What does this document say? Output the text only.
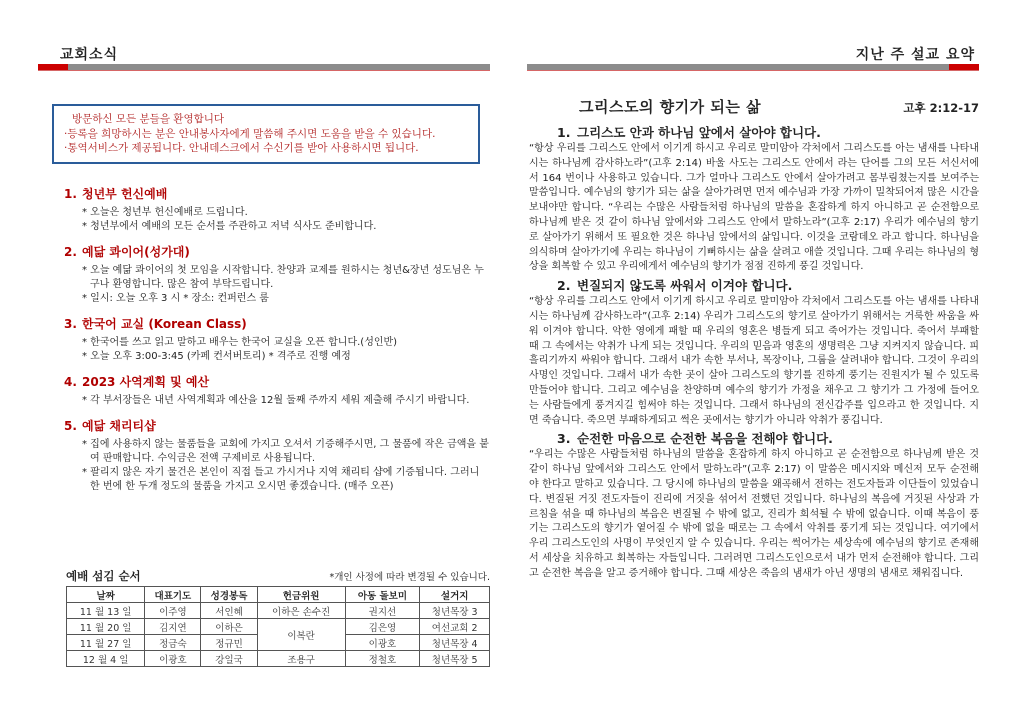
교회소식
방문하신 모든 분들을 환영합니다
·등록을 희망하시는 분은 안내봉사자에게 말씀해 주시면 도움을 받을 수 있습니다.
·통역서비스가 제공됩니다. 안내데스크에서 수신기를 받아 사용하시면 됩니다.
1. 청년부 헌신예배
* 오늘은 청년부 헌신예배로 드립니다.
* 청년부에서 예배의 모든 순서를 주관하고 저녁 식사도 준비합니다.
2. 예닮 콰이어(성가대)
* 오늘 예닮 콰이어의 첫 모임을 시작합니다. 찬양과 교제를 원하시는 청년&장년 성도님은 누구나 환영합니다. 많은 참여 부탁드립니다.
* 일시: 오늘 오후 3 시 * 장소: 컨퍼런스 룸
3. 한국어 교실 (Korean Class)
* 한국어를 쓰고 읽고 말하고 배우는 한국어 교실을 오픈 합니다.(성인반)
* 오늘 오후 3:00-3:45 (카페 컨서버토리) * 격주로 진행 예정
4. 2023 사역계획 및 예산
* 각 부서장들은 내년 사역계획과 예산을 12월 둘째 주까지 세워 제출해 주시기 바랍니다.
5. 예닮 채리티샵
* 집에 사용하지 않는 물품들을 교회에 가지고 오셔서 기증해주시면, 그 물품에 작은 금액을 붙여 판매합니다. 수익금은 전액 구제비로 사용됩니다.
* 팔리지 않은 자기 물건은 본인이 직접 들고 가시거나 지역 채리티 샵에 기증됩니다. 그러니 한 번에 한 두개 정도의 물품을 가지고 오시면 좋겠습니다. (매주 오픈)
예배 섬김 순서	*개인 사정에 따라 변경될 수 있습니다.
날짜	대표기도	성경봉독	헌금위원	아동 돌보미	설거지
11 월 13 일	이주영	서인혜	이하은 손수진	권지선	청년목장 3
11 월 20 일	김지연	이하은	이복란	김은영	여선교회 2
11 월 27 일	정금숙	정규민		이광호	청년목장 4
12 월 4 일	이광호	강일국	조용구	정철호	청년목장 5
지난 주 설교 요약
그리스도의 향기가 되는 삶	고후 2:12-17
1. 그리스도 안과 하나님 앞에서 살아야 합니다.
“항상 우리를 그리스도 안에서 이기게 하시고 우리로 말미암아 각처에서 그리스도를 아는 냄새를 나타내시는 하나님께 감사하노라”(고후 2:14) 바울 사도는 그리스도 안에서 라는 단어를 그의 모든 서신서에서 164 번이나 사용하고 있습니다. 그가 얼마나 그리스도 안에서 살아가려고 몸부림쳤는지를 보여주는 말씀입니다. 예수님의 향기가 되는 삶을 살아가려면 먼저 예수님과 가장 가까이 밀착되어져 많은 시간을 보내야만 합니다. “우리는 수많은 사람들처럼 하나님의 말씀을 혼잡하게 하지 아니하고 곧 순전함으로 하나님께 받은 것 같이 하나님 앞에서와 그리스도 안에서 말하노라”(고후 2:17) 우리가 예수님의 향기로 살아가기 위해서 또 필요한 것은 하나님 앞에서의 삶입니다. 이것을 코람데오 라고 합니다. 하나님을 의식하며 살아가기에 우리는 하나님이 기뻐하시는 삶을 살려고 애쓸 것입니다. 그때 우리는 하나님의 형상을 회복할 수 있고 우리에게서 예수님의 향기가 점점 진하게 풍길 것입니다.
2. 변질되지 않도록 싸워서 이겨야 합니다.
“항상 우리를 그리스도 안에서 이기게 하시고 우리로 말미암아 각처에서 그리스도를 아는 냄새를 나타내시는 하나님께 감사하노라”(고후 2:14) 우리가 그리스도의 향기로 살아가기 위해서는 거룩한 싸움을 싸워 이겨야 합니다. 악한 영에게 패할 때 우리의 영혼은 병들게 되고 죽어가는 것입니다. 죽어서 부패할 때 그 속에서는 악취가 나게 되는 것입니다. 우리의 믿음과 영혼의 생명력은 그냥 지켜지지 않습니다. 피흘리기까지 싸워야 합니다. 그래서 내가 속한 부서나, 목장이나, 그룹을 살려내야 합니다. 그것이 우리의 사명인 것입니다. 그래서 내가 속한 곳이 살아 그리스도의 향기를 진하게 풍기는 진원지가 될 수 있도록 만들어야 합니다. 그리고 예수님을 찬양하며 예수의 향기가 가정을 채우고 그 향기가 그 가정에 들어오는 사람들에게 풍겨지길 힘써야 하는 것입니다. 그래서 하나님의 전신갑주를 입으라고 한 것입니다. 지면 죽습니다. 죽으면 부패하게되고 썩은 곳에서는 향기가 아니라 악취가 풍깁니다.
3. 순전한 마음으로 순전한 복음을 전해야 합니다.
“우리는 수많은 사람들처럼 하나님의 말씀을 혼잡하게 하지 아니하고 곧 순전함으로 하나님께 받은 것 같이 하나님 앞에서와 그리스도 안에서 말하노라”(고후 2:17) 이 말씀은 메시지와 메신저 모두 순전해야 한다고 말하고 있습니다. 그 당시에 하나님의 말씀을 왜곡해서 전하는 전도자들과 이단들이 있었습니다. 변질된 거짓 전도자들이 진리에 거짓을 섞어서 전했던 것입니다. 하나님의 복음에 거짓된 사상과 가르침을 섞을 때 하나님의 복음은 변질될 수 밖에 없고, 진리가 희석될 수 밖에 없습니다. 이때 복음이 풍기는 그리스도의 향기가 옅어질 수 밖에 없을 때로는 그 속에서 악취를 풍기게 되는 것입니다. 여기에서 우리 그리스도인의 사명이 무엇인지 알 수 있습니다. 우리는 썩어가는 세상속에 예수님의 향기로 존재해서 세상을 치유하고 회복하는 자들입니다. 그러려면 그리스도인으로서 내가 먼저 순전해야 합니다. 그리고 순전한 복음을 알고 증거해야 합니다. 그때 세상은 죽음의 냄새가 아닌 생명의 냄새로 채워집니다.
